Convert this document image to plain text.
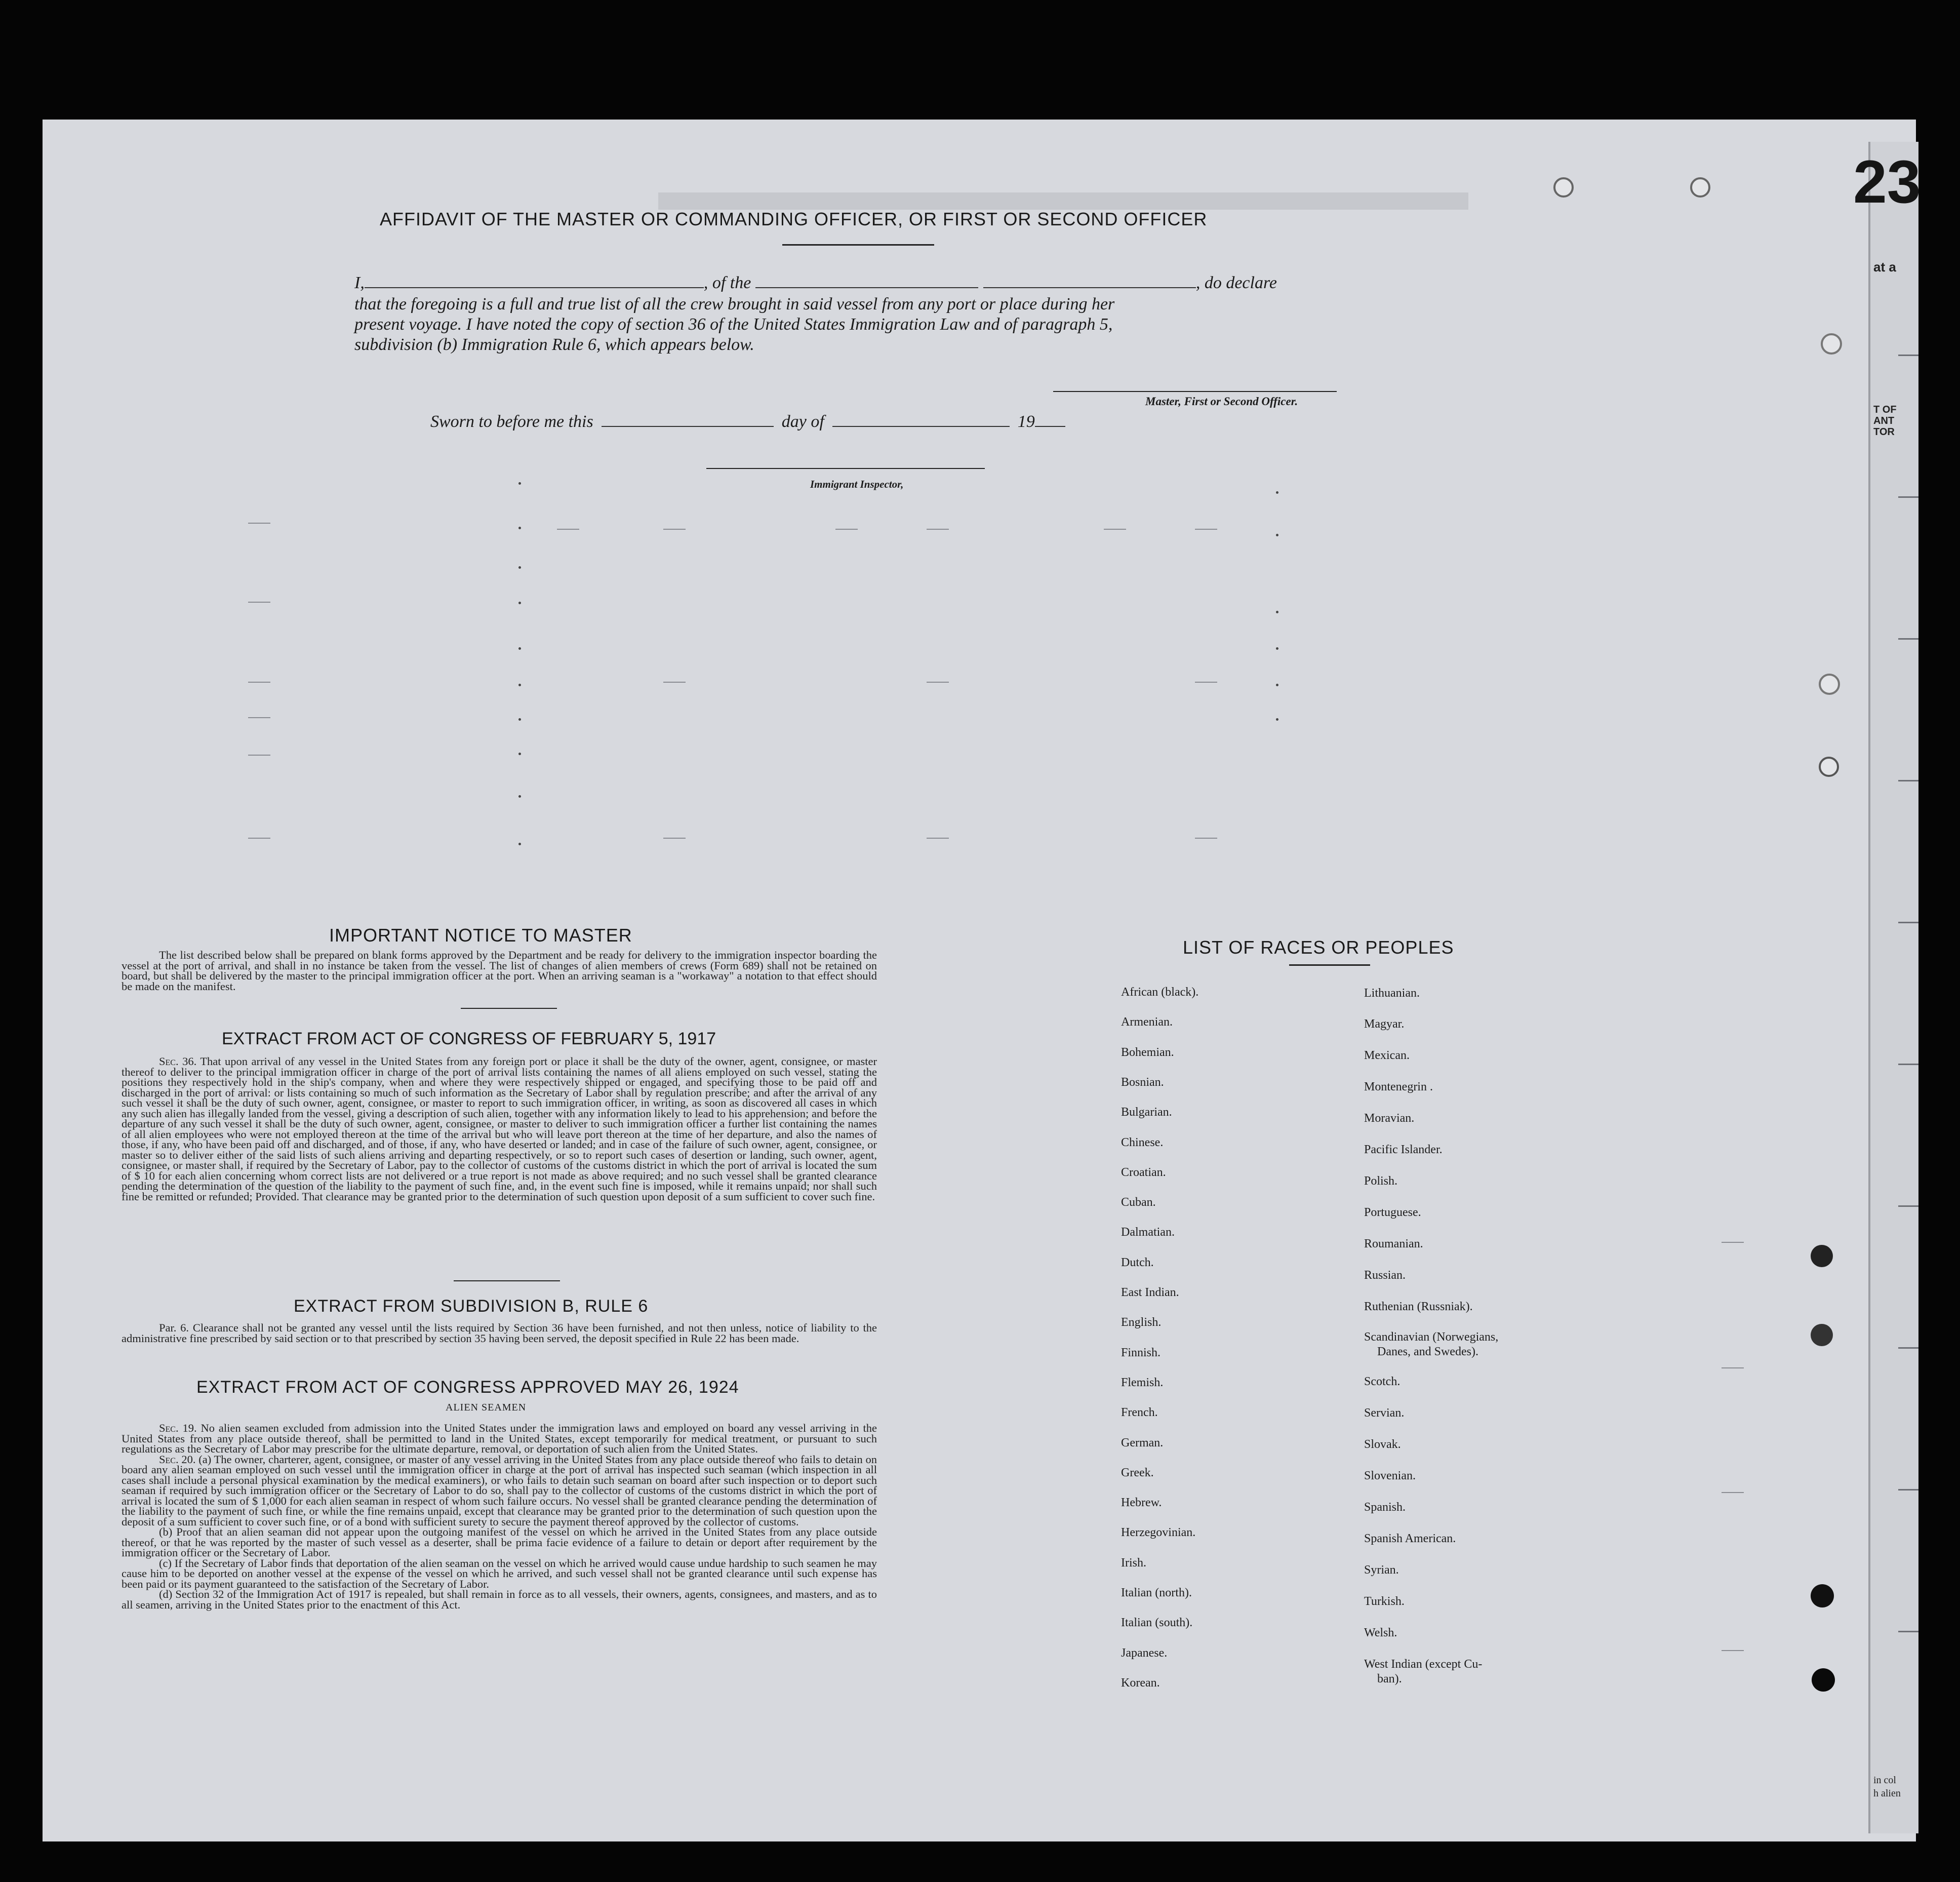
23
at a
T OF
ANT
TOR
in col
h alien
AFFIDAVIT OF THE MASTER OR COMMANDING OFFICER, OR FIRST OR SECOND OFFICER
I,	, of the	, do declare
that the foregoing is a full and true list of all the crew brought in said vessel from any port or place during her
present voyage. I have noted the copy of section 36 of the United States Immigration Law and of paragraph 5,
subdivision (b) Immigration Rule 6, which appears below.
Master, First or Second Officer.
Sworn to before me this	day of	19
Immigrant Inspector,
IMPORTANT NOTICE TO MASTER
The list described below shall be prepared on blank forms approved by the Department and be ready for delivery to the immigration inspector boarding the vessel at the port of arrival, and shall in no instance be taken from the vessel. The list of changes of alien members of crews (Form 689) shall not be retained on board, but shall be delivered by the master to the principal immigration officer at the port. When an arriving seaman is a "workaway" a notation to that effect should be made on the manifest.
EXTRACT FROM ACT OF CONGRESS OF FEBRUARY 5, 1917
Sec. 36. That upon arrival of any vessel in the United States from any foreign port or place it shall be the duty of the owner, agent, consignee, or master thereof to deliver to the principal immigration officer in charge of the port of arrival lists containing the names of all aliens employed on such vessel, stating the positions they respectively hold in the ship's company, when and where they were respectively shipped or engaged, and specifying those to be paid off and discharged in the port of arrival: or lists containing so much of such information as the Secretary of Labor shall by regulation prescribe; and after the arrival of any such vessel it shall be the duty of such owner, agent, consignee, or master to report to such immigration officer, in writing, as soon as discovered all cases in which any such alien has illegally landed from the vessel, giving a description of such alien, together with any information likely to lead to his apprehension; and before the departure of any such vessel it shall be the duty of such owner, agent, consignee, or master to deliver to such immigration officer a further list containing the names of all alien employees who were not employed thereon at the time of the arrival but who will leave port thereon at the time of her departure, and also the names of those, if any, who have been paid off and discharged, and of those, if any, who have deserted or landed; and in case of the failure of such owner, agent, consignee, or master so to deliver either of the said lists of such aliens arriving and departing respectively, or so to report such cases of desertion or landing, such owner, agent, consignee, or master shall, if required by the Secretary of Labor, pay to the collector of customs of the customs district in which the port of arrival is located the sum of $ 10 for each alien concerning whom correct lists are not delivered or a true report is not made as above required; and no such vessel shall be granted clearance pending the determination of the question of the liability to the payment of such fine, and, in the event such fine is imposed, while it remains unpaid; nor shall such fine be remitted or refunded; Provided. That clearance may be granted prior to the determination of such question upon deposit of a sum sufficient to cover such fine.
EXTRACT FROM SUBDIVISION B, RULE 6
Par. 6. Clearance shall not be granted any vessel until the lists required by Section 36 have been furnished, and not then unless, notice of liability to the administrative fine prescribed by said section or to that prescribed by section 35 having been served, the deposit specified in Rule 22 has been made.
EXTRACT FROM ACT OF CONGRESS APPROVED MAY 26, 1924
ALIEN SEAMEN
Sec. 19. No alien seamen excluded from admission into the United States under the immigration laws and employed on board any vessel arriving in the United States from any place outside thereof, shall be permitted to land in the United States, except temporarily for medical treatment, or pursuant to such regulations as the Secretary of Labor may prescribe for the ultimate departure, removal, or deportation of such alien from the United States.
Sec. 20. (a) The owner, charterer, agent, consignee, or master of any vessel arriving in the United States from any place outside thereof who fails to detain on board any alien seaman employed on such vessel until the immigration officer in charge at the port of arrival has inspected such seaman (which inspection in all cases shall include a personal physical examination by the medical examiners), or who fails to detain such seaman on board after such inspection or to deport such seaman if required by such immigration officer or the Secretary of Labor to do so, shall pay to the collector of customs of the customs district in which the port of arrival is located the sum of $ 1,000 for each alien seaman in respect of whom such failure occurs. No vessel shall be granted clearance pending the determination of the liability to the payment of such fine, or while the fine remains unpaid, except that clearance may be granted prior to the determination of such question upon the deposit of a sum sufficient to cover such fine, or of a bond with sufficient surety to secure the payment thereof approved by the collector of customs.
(b) Proof that an alien seaman did not appear upon the outgoing manifest of the vessel on which he arrived in the United States from any place outside thereof, or that he was reported by the master of such vessel as a deserter, shall be prima facie evidence of a failure to detain or deport after requirement by the immigration officer or the Secretary of Labor.
(c) If the Secretary of Labor finds that deportation of the alien seaman on the vessel on which he arrived would cause undue hardship to such seamen he may cause him to be deported on another vessel at the expense of the vessel on which he arrived, and such vessel shall not be granted clearance until such expense has been paid or its payment guaranteed to the satisfaction of the Secretary of Labor.
(d) Section 32 of the Immigration Act of 1917 is repealed, but shall remain in force as to all vessels, their owners, agents, consignees, and masters, and as to all seamen, arriving in the United States prior to the enactment of this Act.
LIST OF RACES OR PEOPLES
African (black).
Armenian.
Bohemian.
Bosnian.
Bulgarian.
Chinese.
Croatian.
Cuban.
Dalmatian.
Dutch.
East Indian.
English.
Finnish.
Flemish.
French.
German.
Greek.
Hebrew.
Herzegovinian.
Irish.
Italian (north).
Italian (south).
Japanese.
Korean.
Lithuanian.
Magyar.
Mexican.
Montenegrin .
Moravian.
Pacific Islander.
Polish.
Portuguese.
Roumanian.
Russian.
Ruthenian (Russniak).
Scandinavian (Norwegians,
Scotch.
Servian.
Slovak.
Slovenian.
Spanish.
Spanish American.
Syrian.
Turkish.
Welsh.
West Indian (except Cu-
Danes, and Swedes).
ban).
